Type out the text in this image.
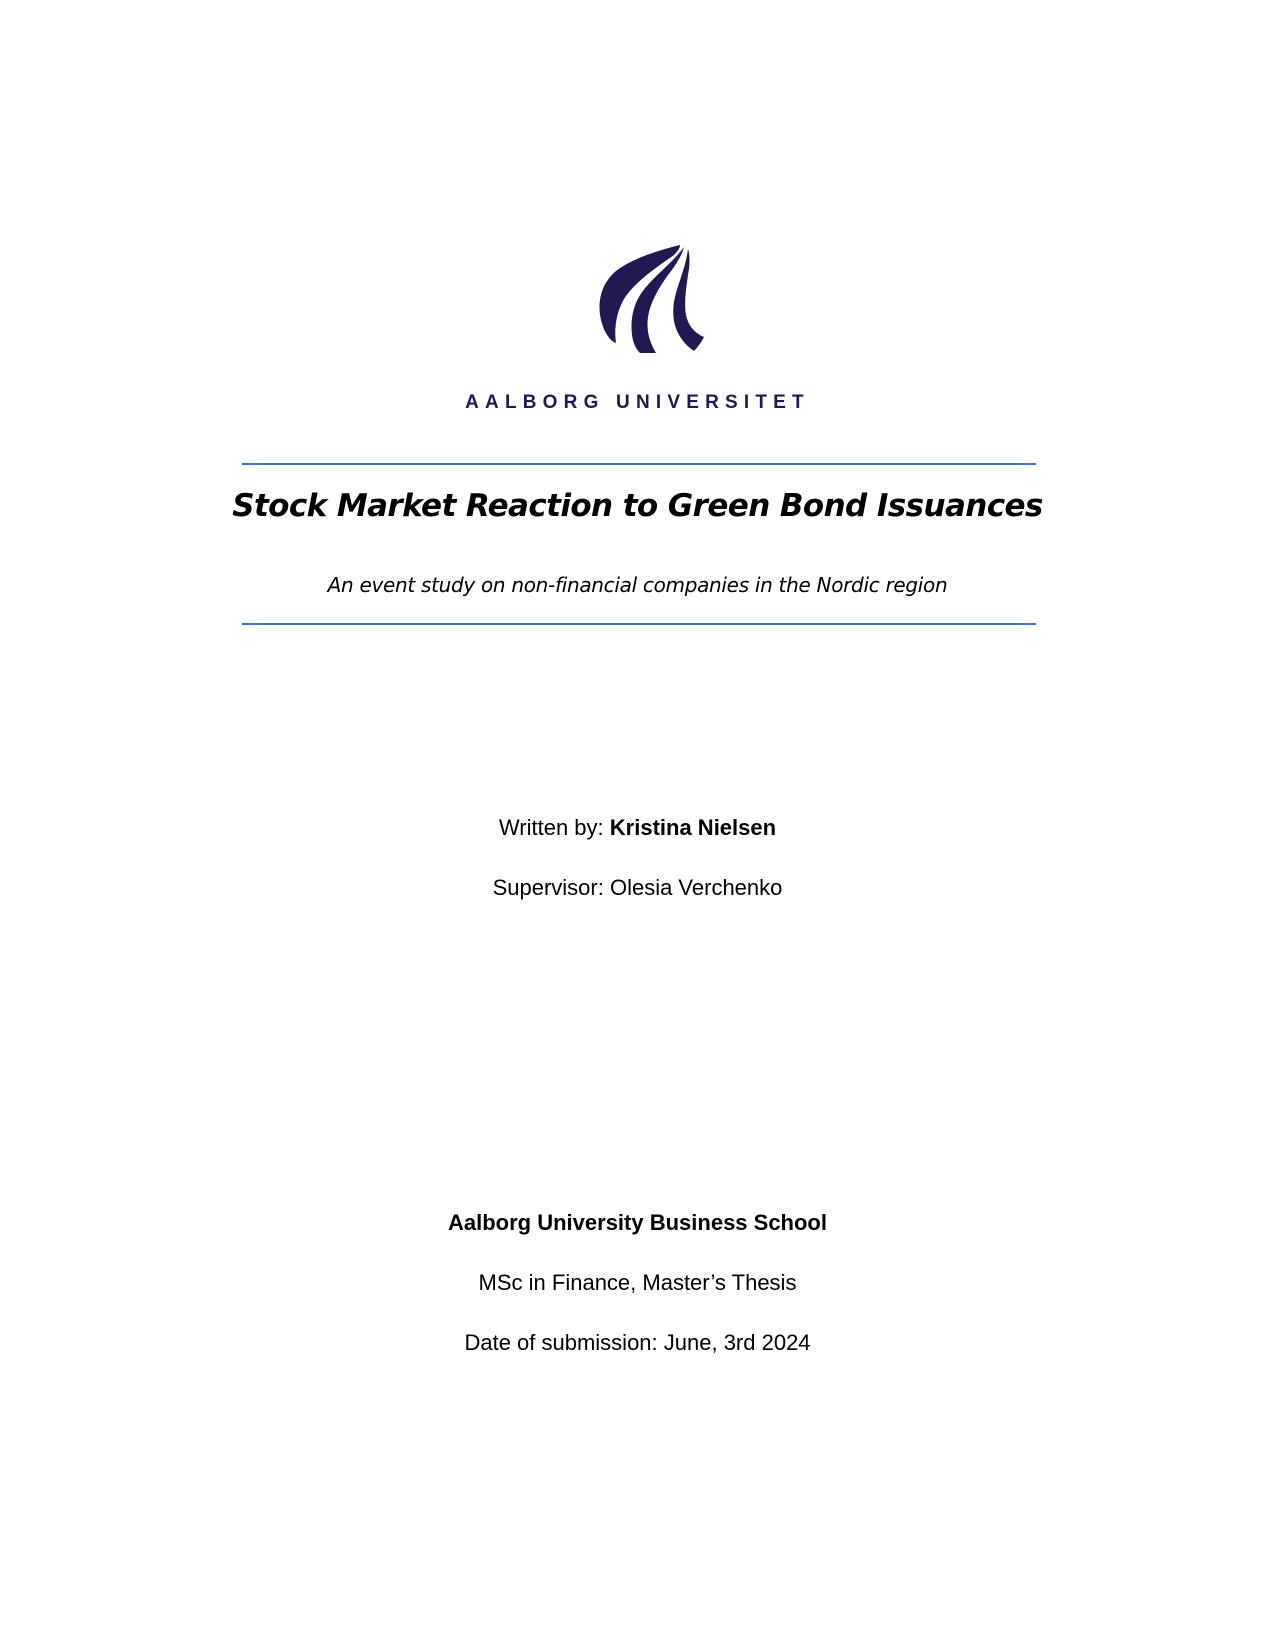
AALBORG UNIVERSITET
Stock Market Reaction to Green Bond Issuances
An event study on non-financial companies in the Nordic region
Written by: Kristina Nielsen
Supervisor: Olesia Verchenko
Aalborg University Business School
MSc in Finance, Master’s Thesis
Date of submission: June, 3rd 2024
